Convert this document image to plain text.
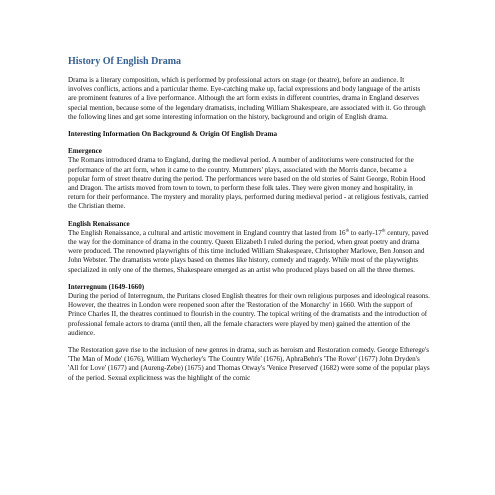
History Of English Drama

Drama is a literary composition, which is performed by professional actors on stage (or theatre), before an audience. It involves conflicts, actions and a particular theme. Eye-catching make up, facial expressions and body language of the artists are prominent features of a live performance. Although the art form exists in different countries, drama in England deserves special mention, because some of the legendary dramatists, including William Shakespeare, are associated with it. Go through the following lines and get some interesting information on the history, background and origin of English drama.

Interesting Information On Background & Origin Of English Drama

Emergence

The Romans introduced drama to England, during the medieval period. A number of auditoriums were constructed for the performance of the art form, when it came to the country. Mummers' plays, associated with the Morris dance, became a popular form of street theatre during the period. The performances were based on the old stories of Saint George, Robin Hood and Dragon. The artists moved from town to town, to perform these folk tales. They were given money and hospitality, in return for their performance. The mystery and morality plays, performed during medieval period - at religious festivals, carried the Christian theme.

English Renaissance

The English Renaissance, a cultural and artistic movement in England country that lasted from 16th to early-17th century, paved the way for the dominance of drama in the country. Queen Elizabeth I ruled during the period, when great poetry and drama were produced. The renowned playwrights of this time included William Shakespeare, Christopher Marlowe, Ben Jonson and John Webster. The dramatists wrote plays based on themes like history, comedy and tragedy. While most of the playwrights specialized in only one of the themes, Shakespeare emerged as an artist who produced plays based on all the three themes.

Interregnum (1649-1660)

During the period of Interregnum, the Puritans closed English theatres for their own religious purposes and ideological reasons. However, the theatres in London were reopened soon after the 'Restoration of the Monarchy' in 1660. With the support of Prince Charles II, the theatres continued to flourish in the country. The topical writing of the dramatists and the introduction of professional female actors to drama (until then, all the female characters were played by men) gained the attention of the audience.

The Restoration gave rise to the inclusion of new genres in drama, such as heroism and Restoration comedy. George Etherege's 'The Man of Mode' (1676), William Wycherley's 'The Country Wife' (1676), AphraBehn's 'The Rover' (1677) John Dryden's 'All for Love' (1677) and (Aureng-Zebe) (1675) and Thomas Otway's 'Venice Preserved' (1682) were some of the popular plays of the period. Sexual explicitness was the highlight of the comic
